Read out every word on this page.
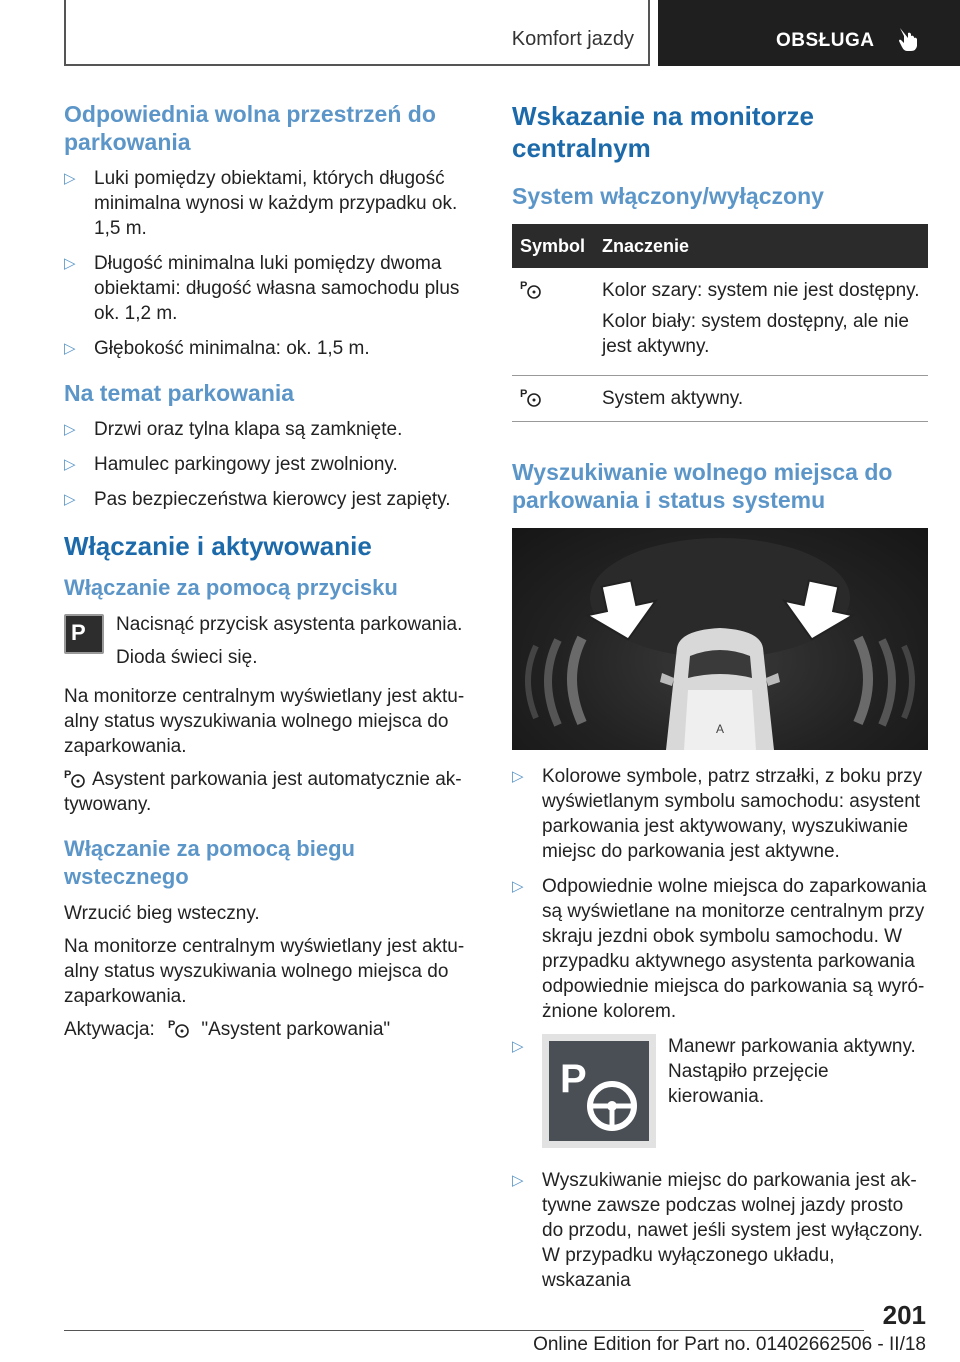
Komfort jazdy	OBSŁUGA
Odpowiednia wolna przestrzeń do parkowania
▷ Luki pomiędzy obiektami, których długość minimalna wynosi w każdym przypadku ok. 1,5 m.
▷ Długość minimalna luki pomiędzy dwoma obiektami: długość własna samochodu plus ok. 1,2 m.
▷ Głębokość minimalna: ok. 1,5 m.
Na temat parkowania
▷ Drzwi oraz tylna klapa są zamknięte.
▷ Hamulec parkingowy jest zwolniony.
▷ Pas bezpieczeństwa kierowcy jest zapięty.
Włączanie i aktywowanie
Włączanie za pomocą przycisku
P	Nacisnąć przycisk asystenta parkowania.

Dioda świeci się.

Na monitorze centralnym wyświetlany jest aktualny status wyszukiwania wolnego miejsca do zaparkowania.

P Asystent parkowania jest automatycznie aktywowany.

Włączanie za pomocą biegu wstecznego

Wrzucić bieg wsteczny.

Na monitorze centralnym wyświetlany jest aktualny status wyszukiwania wolnego miejsca do zaparkowania.

Aktywacja: P "Asystent parkowania"

Wskazanie na monitorze centralnym
System włączony/wyłączony
Symbol	Znaczenie

P	Kolor szary: system nie jest dostępny.

Kolor biały: system dostępny, ale nie jest aktywny.

P	System aktywny.
Wyszukiwanie wolnego miejsca do parkowania i status systemu
A
▷ Kolorowe symbole, patrz strzałki, z boku przy wyświetlanym symbolu samochodu: asystent parkowania jest aktywowany, wyszukiwanie miejsc do parkowania jest aktywne.
▷ Odpowiednie wolne miejsca do zaparkowania są wyświetlane na monitorze centralnym przy skraju jezdni obok symbolu samochodu. W przypadku aktywnego asystenta parkowania odpowiednie miejsca do parkowania są wyróżnione kolorem.
▷
P
Manewr parkowania aktywny.
Nastąpiło przejęcie kierowania.
▷ Wyszukiwanie miejsc do parkowania jest aktywne zawsze podczas wolnej jazdy prosto do przodu, nawet jeśli system jest wyłączony. W przypadku wyłączonego układu, wskazania
201
Online Edition for Part no. 01402662506 - II/18
